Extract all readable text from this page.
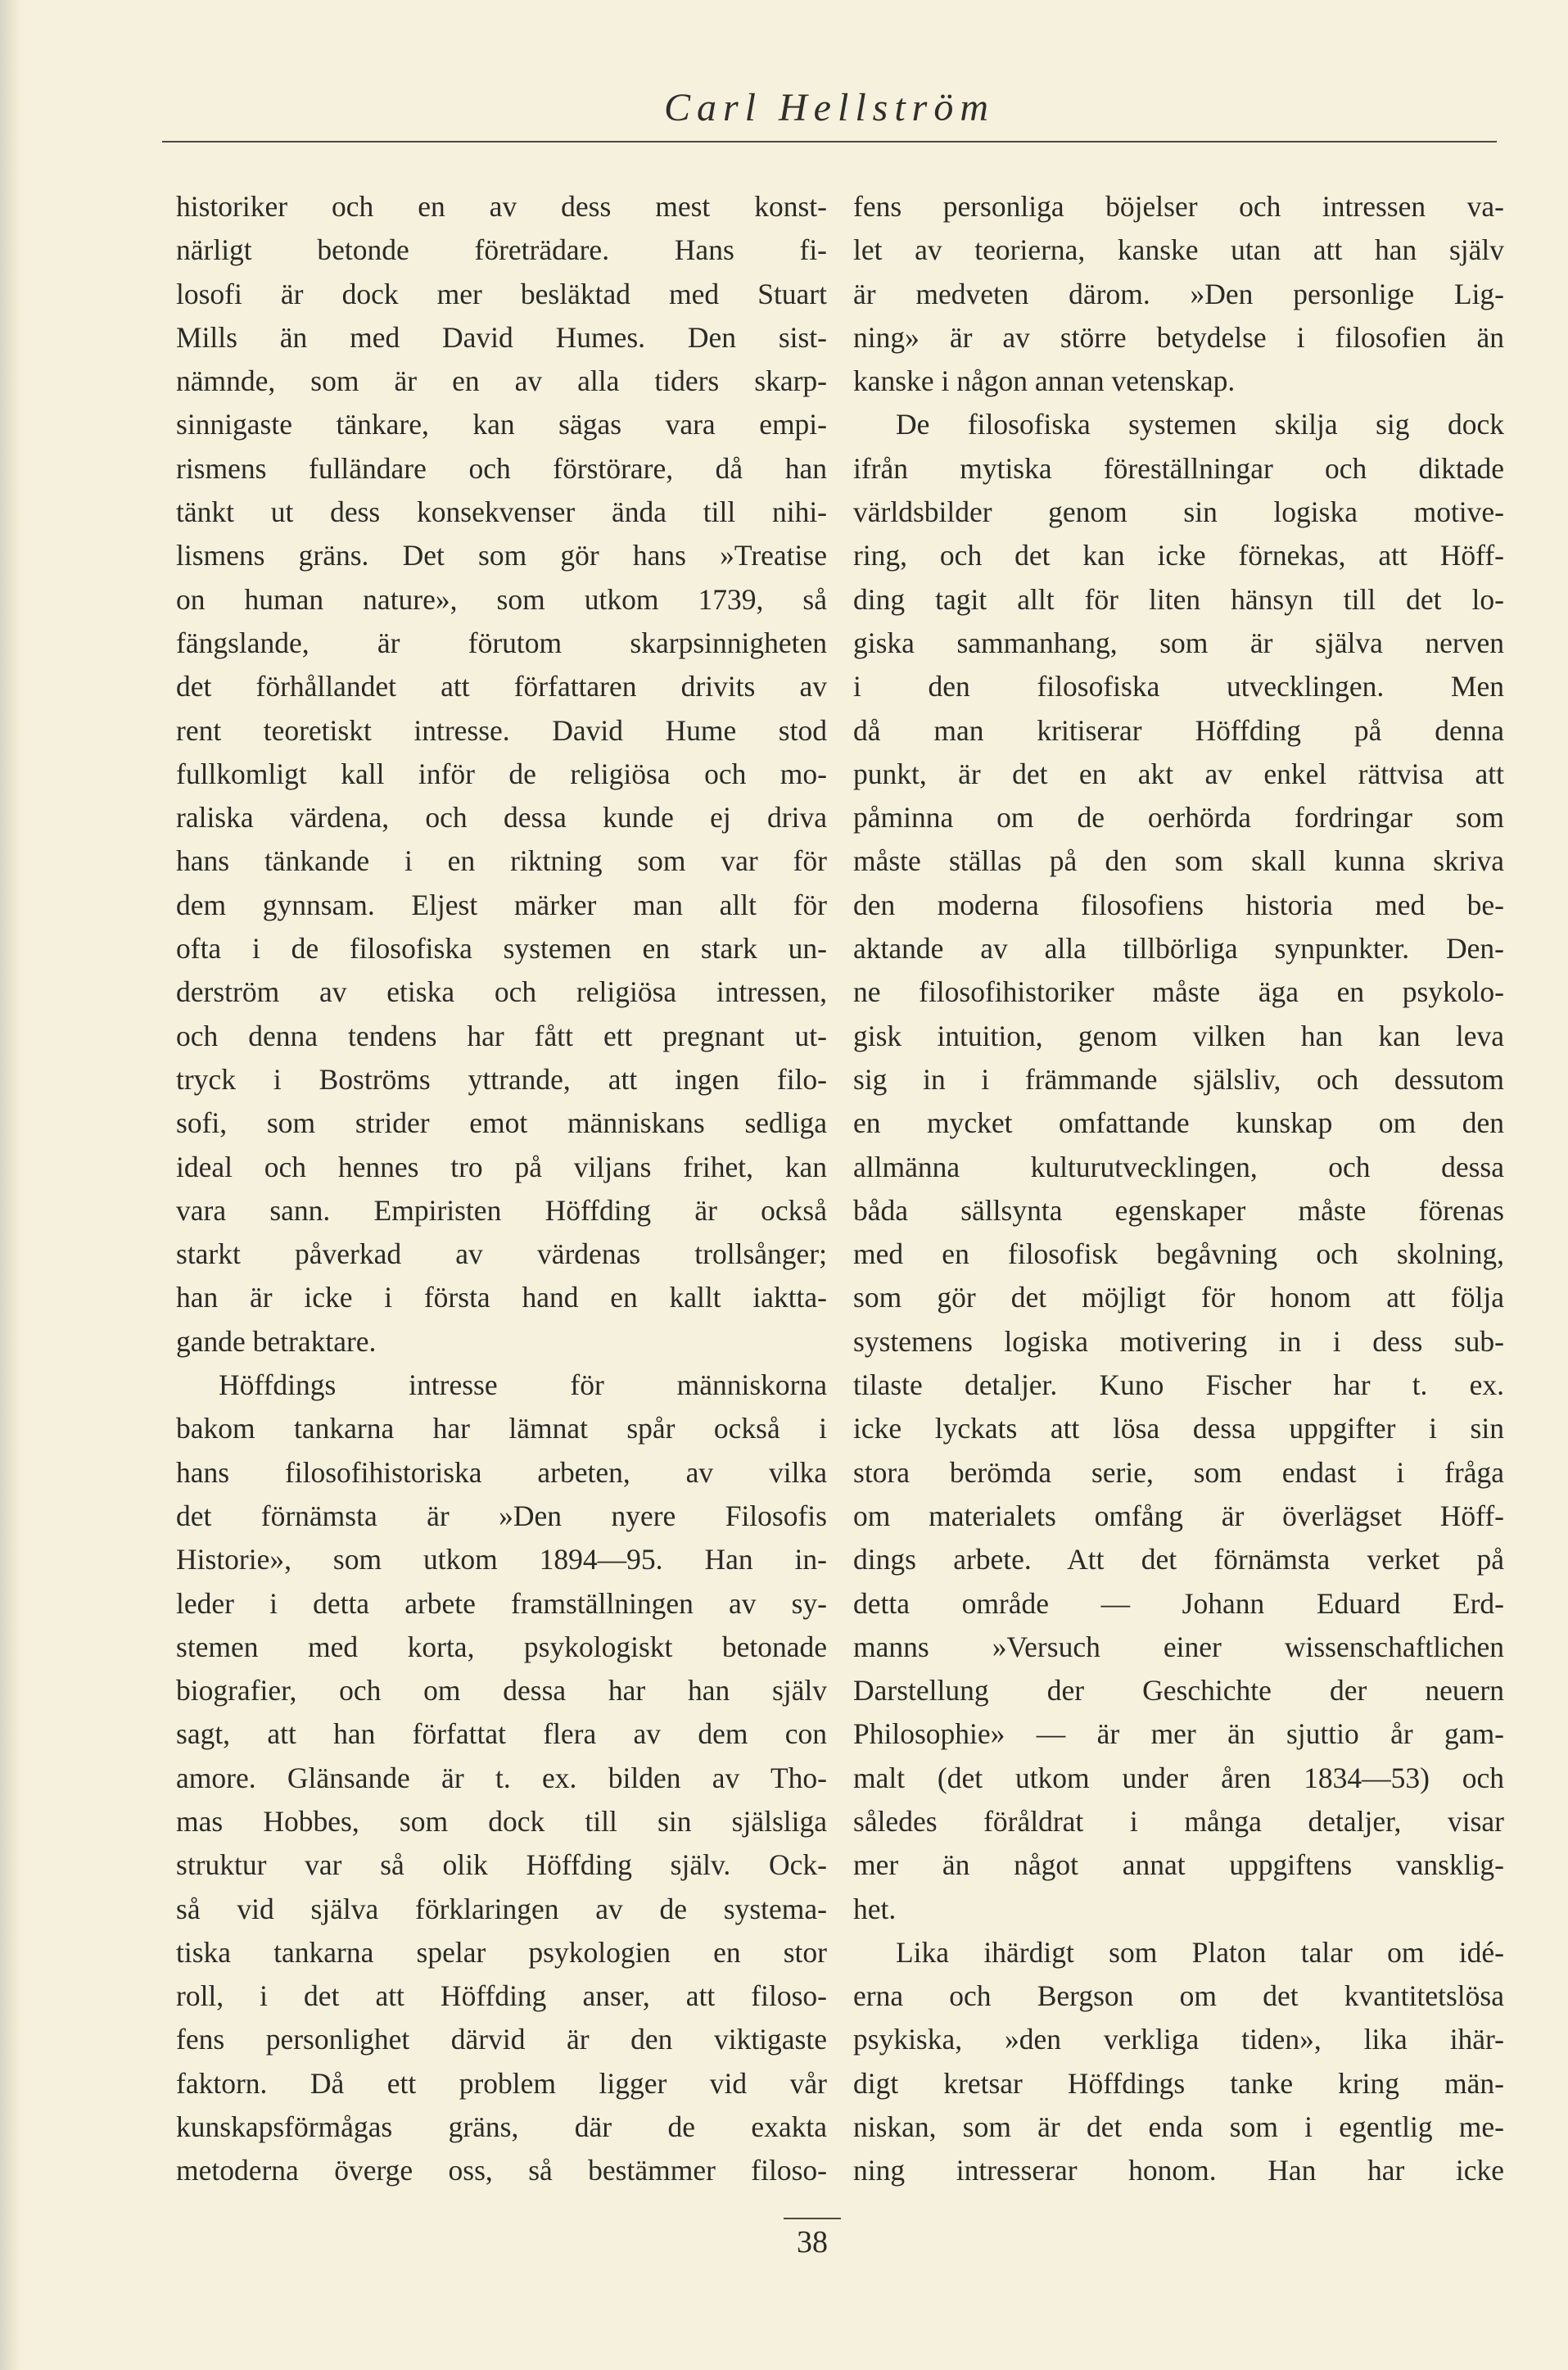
Carl Hellström
historiker och en av dess mest konst-
närligt betonde företrädare. Hans fi-
losofi är dock mer besläktad med Stuart
Mills än med David Humes. Den sist-
nämnde, som är en av alla tiders skarp-
sinnigaste tänkare, kan sägas vara empi-
rismens fulländare och förstörare, då han
tänkt ut dess konsekvenser ända till nihi-
lismens gräns. Det som gör hans »Treatise
on human nature», som utkom 1739, så
fängslande, är förutom skarpsinnigheten
det förhållandet att författaren drivits av
rent teoretiskt intresse. David Hume stod
fullkomligt kall inför de religiösa och mo-
raliska värdena, och dessa kunde ej driva
hans tänkande i en riktning som var för
dem gynnsam. Eljest märker man allt för
ofta i de filosofiska systemen en stark un-
derström av etiska och religiösa intressen,
och denna tendens har fått ett pregnant ut-
tryck i Boströms yttrande, att ingen filo-
sofi, som strider emot människans sedliga
ideal och hennes tro på viljans frihet, kan
vara sann. Empiristen Höffding är också
starkt påverkad av värdenas trollsånger;
han är icke i första hand en kallt iaktta-
gande betraktare.
Höffdings intresse för människorna
bakom tankarna har lämnat spår också i
hans filosofihistoriska arbeten, av vilka
det förnämsta är »Den nyere Filosofis
Historie», som utkom 1894—95. Han in-
leder i detta arbete framställningen av sy-
stemen med korta, psykologiskt betonade
biografier, och om dessa har han själv
sagt, att han författat flera av dem con
amore. Glänsande är t. ex. bilden av Tho-
mas Hobbes, som dock till sin själsliga
struktur var så olik Höffding själv. Ock-
så vid själva förklaringen av de systema-
tiska tankarna spelar psykologien en stor
roll, i det att Höffding anser, att filoso-
fens personlighet därvid är den viktigaste
faktorn. Då ett problem ligger vid vår
kunskapsförmågas gräns, där de exakta
metoderna överge oss, så bestämmer filoso-
fens personliga böjelser och intressen va-
let av teorierna, kanske utan att han själv
är medveten därom. »Den personlige Lig-
ning» är av större betydelse i filosofien än
kanske i någon annan vetenskap.
De filosofiska systemen skilja sig dock
ifrån mytiska föreställningar och diktade
världsbilder genom sin logiska motive-
ring, och det kan icke förnekas, att Höff-
ding tagit allt för liten hänsyn till det lo-
giska sammanhang, som är själva nerven
i den filosofiska utvecklingen. Men
då man kritiserar Höffding på denna
punkt, är det en akt av enkel rättvisa att
påminna om de oerhörda fordringar som
måste ställas på den som skall kunna skriva
den moderna filosofiens historia med be-
aktande av alla tillbörliga synpunkter. Den-
ne filosofihistoriker måste äga en psykolo-
gisk intuition, genom vilken han kan leva
sig in i främmande själsliv, och dessutom
en mycket omfattande kunskap om den
allmänna kulturutvecklingen, och dessa
båda sällsynta egenskaper måste förenas
med en filosofisk begåvning och skolning,
som gör det möjligt för honom att följa
systemens logiska motivering in i dess sub-
tilaste detaljer. Kuno Fischer har t. ex.
icke lyckats att lösa dessa uppgifter i sin
stora berömda serie, som endast i fråga
om materialets omfång är överlägset Höff-
dings arbete. Att det förnämsta verket på
detta område — Johann Eduard Erd-
manns »Versuch einer wissenschaftlichen
Darstellung der Geschichte der neuern
Philosophie» — är mer än sjuttio år gam-
malt (det utkom under åren 1834—53) och
således föråldrat i många detaljer, visar
mer än något annat uppgiftens vansklig-
het.
Lika ihärdigt som Platon talar om idé-
erna och Bergson om det kvantitetslösa
psykiska, »den verkliga tiden», lika ihär-
digt kretsar Höffdings tanke kring män-
niskan, som är det enda som i egentlig me-
ning intresserar honom. Han har icke
38
